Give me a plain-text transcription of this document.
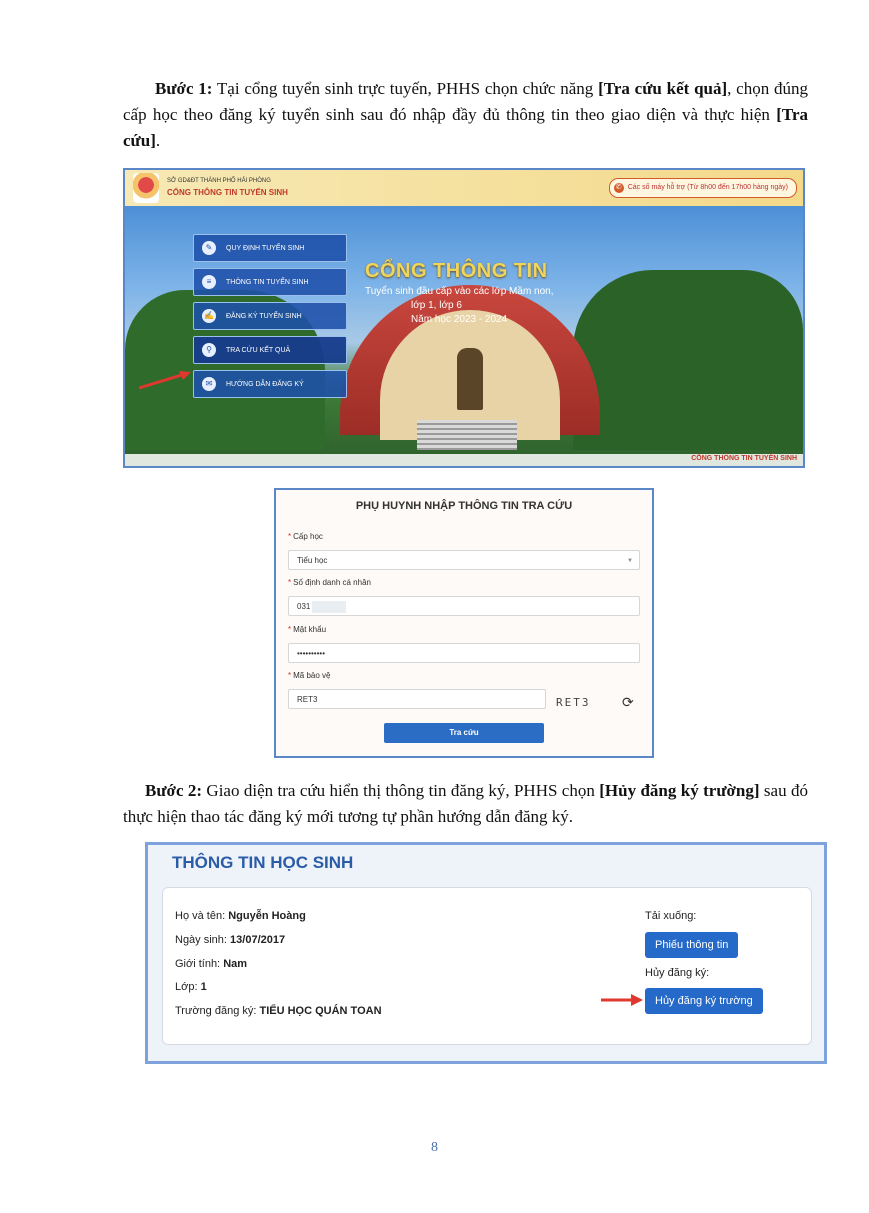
Bước 1: Tại cổng tuyển sinh trực tuyến, PHHS chọn chức năng [Tra cứu kết quả], chọn đúng cấp học theo đăng ký tuyển sinh sau đó nhập đầy đủ thông tin theo giao diện và thực hiện [Tra cứu].
SỞ GD&ĐT THÀNH PHỐ HẢI PHÒNG
CỔNG THÔNG TIN TUYỂN SINH
✆ Các số máy hỗ trợ (Từ 8h00 đến 17h00 hàng ngày)
CỔNG THÔNG TIN
Tuyển sinh đầu cấp vào các lớp Mầm non,
lớp 1, lớp 6
Năm học 2023 - 2024
✎	QUY ĐỊNH TUYỂN SINH
≡	THÔNG TIN TUYỂN SINH
✍ ĐĂNG KÝ TUYỂN SINH
⚲	TRA CỨU KẾT QUẢ
✉	HƯỚNG DẪN ĐĂNG KÝ
CỔNG THÔNG TIN TUYỂN SINH
PHỤ HUYNH NHẬP THÔNG TIN TRA CỨU
* Cấp học
Tiểu học	▼
* Số định danh cá nhân
031
* Mật khẩu
••••••••••
* Mã bảo vệ
RET3	RET3 ⟳
Tra cứu
Bước 2: Giao diện tra cứu hiển thị thông tin đăng ký, PHHS chọn [Hủy đăng ký trường] sau đó thực hiện thao tác đăng ký mới tương tự phần hướng dẫn đăng ký.
THÔNG TIN HỌC SINH
Họ và tên: Nguyễn Hoàng
Ngày sinh: 13/07/2017
Giới tính: Nam
Lớp: 1
Trường đăng ký: TIỂU HỌC QUÁN TOAN
Tải xuống:
Phiếu thông tin
Hủy đăng ký:
Hủy đăng ký trường
8
